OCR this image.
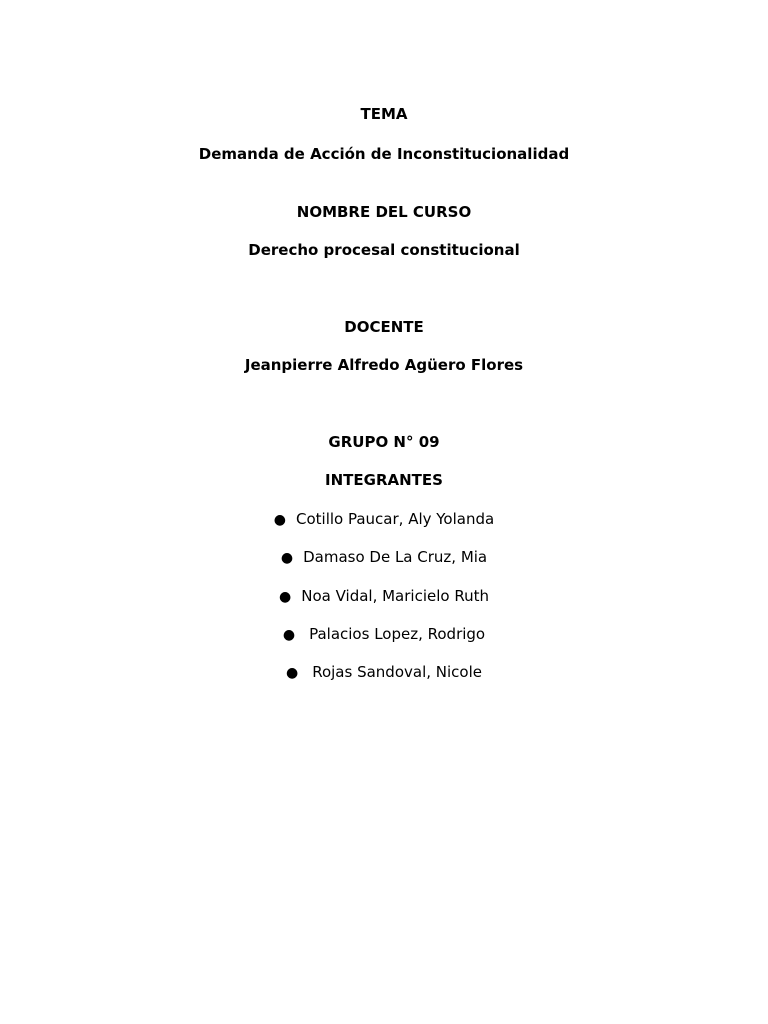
TEMA
Demanda de Acción de Inconstitucionalidad
NOMBRE DEL CURSO
Derecho procesal constitucional
DOCENTE
Jeanpierre Alfredo Agüero Flores
GRUPO N° 09
INTEGRANTES
● Cotillo Paucar, Aly Yolanda
● Damaso De La Cruz, Mia
● Noa Vidal, Maricielo Ruth
● Palacios Lopez, Rodrigo
● Rojas Sandoval, Nicole
